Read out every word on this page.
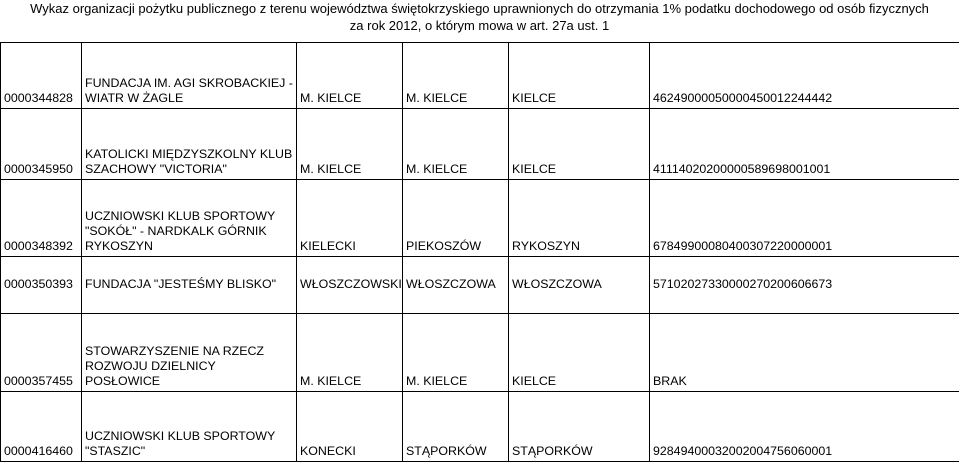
Wykaz organizacji pożytku publicznego z terenu województwa świętokrzyskiego uprawnionych do otrzymania 1% podatku dochodowego od osób fizycznych
za rok 2012, o którym mowa w art. 27a ust. 1
0000344828	FUNDACJA IM. AGI SKROBACKIEJ -
WIATR W ŻAGLE	M. KIELCE	M. KIELCE	KIELCE	46249000050000450012244442
0000345950	KATOLICKI MIĘDZYSZKOLNY KLUB
SZACHOWY "VICTORIA"	M. KIELCE	M. KIELCE	KIELCE	41114020200000589698001001
0000348392	UCZNIOWSKI KLUB SPORTOWY
"SOKÓŁ" - NARDKALK GÓRNIK
RYKOSZYN	KIELECKI	PIEKOSZÓW	RYKOSZYN	67849900080400307220000001
0000350393	FUNDACJA "JESTEŚMY BLISKO"	WŁOSZCZOWSKI	WŁOSZCZOWA	WŁOSZCZOWA	57102027330000270200606673
0000357455	STOWARZYSZENIE NA RZECZ
ROZWOJU DZIELNICY POSŁOWICE	M. KIELCE	M. KIELCE	KIELCE	BRAK
0000416460	UCZNIOWSKI KLUB SPORTOWY
"STASZIC"	KONECKI	STĄPORKÓW	STĄPORKÓW	92849400032002004756060001
